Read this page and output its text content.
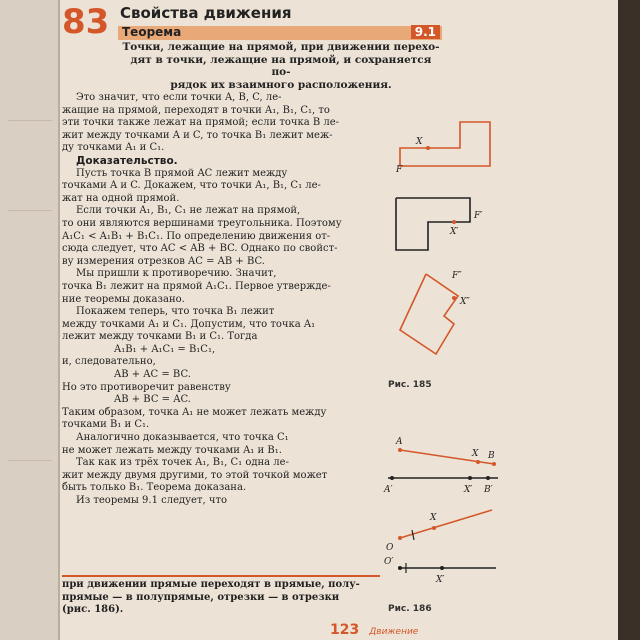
83 Свойства движения
Теорема	9.1
Точки, лежащие на прямой, при движении перехо-
дят в точки, лежащие на прямой, и сохраняется по-
рядок их взаимного расположения.

Это значит, что если точки A, B, C, ле-

жащие на прямой, переходят в точки A₁, B₁, C₁, то

эти точки также лежат на прямой; если точка B ле-

жит между точками A и C, то точка B₁ лежит меж-

ду точками A₁ и C₁.

Доказательство.

Пусть точка B прямой AC лежит между

точками A и C. Докажем, что точки A₁, B₁, C₁ ле-

жат на одной прямой.

Если точки A₁, B₁, C₁ не лежат на прямой,

то они являются вершинами треугольника. Поэтому

A₁C₁ < A₁B₁ + B₁C₁. По определению движения от-

сюда следует, что AC < AB + BC. Однако по свойст-

ву измерения отрезков AC = AB + BC.

Мы пришли к противоречию. Значит,

точка B₁ лежит на прямой A₁C₁. Первое утвержде-

ние теоремы доказано.

Покажем теперь, что точка B₁ лежит

между точками A₁ и C₁. Допустим, что точка A₁

лежит между точками B₁ и C₁. Тогда

A₁B₁ + A₁C₁ = B₁C₁,

и, следовательно,

AB + AC = BC.

Но это противоречит равенству

AB + BC = AC.

Таким образом, точка A₁ не может лежать между

точками B₁ и C₁.

Аналогично доказывается, что точка C₁

не может лежать между точками A₁ и B₁.

Так как из трёх точек A₁, B₁, C₁ одна ле-

жит между двумя другими, то этой точкой может

быть только B₁. Теорема доказана.

Из теоремы 9.1 следует, что

при движении прямые переходят в прямые, полу-
прямые — в полупрямые, отрезки — в отрезки
(рис. 186).
X
F
F′
X′
F″
X″
A
X B
A′	X′ B′
O
X
O′
X′
Рис. 185
Рис. 186
123 Движение
